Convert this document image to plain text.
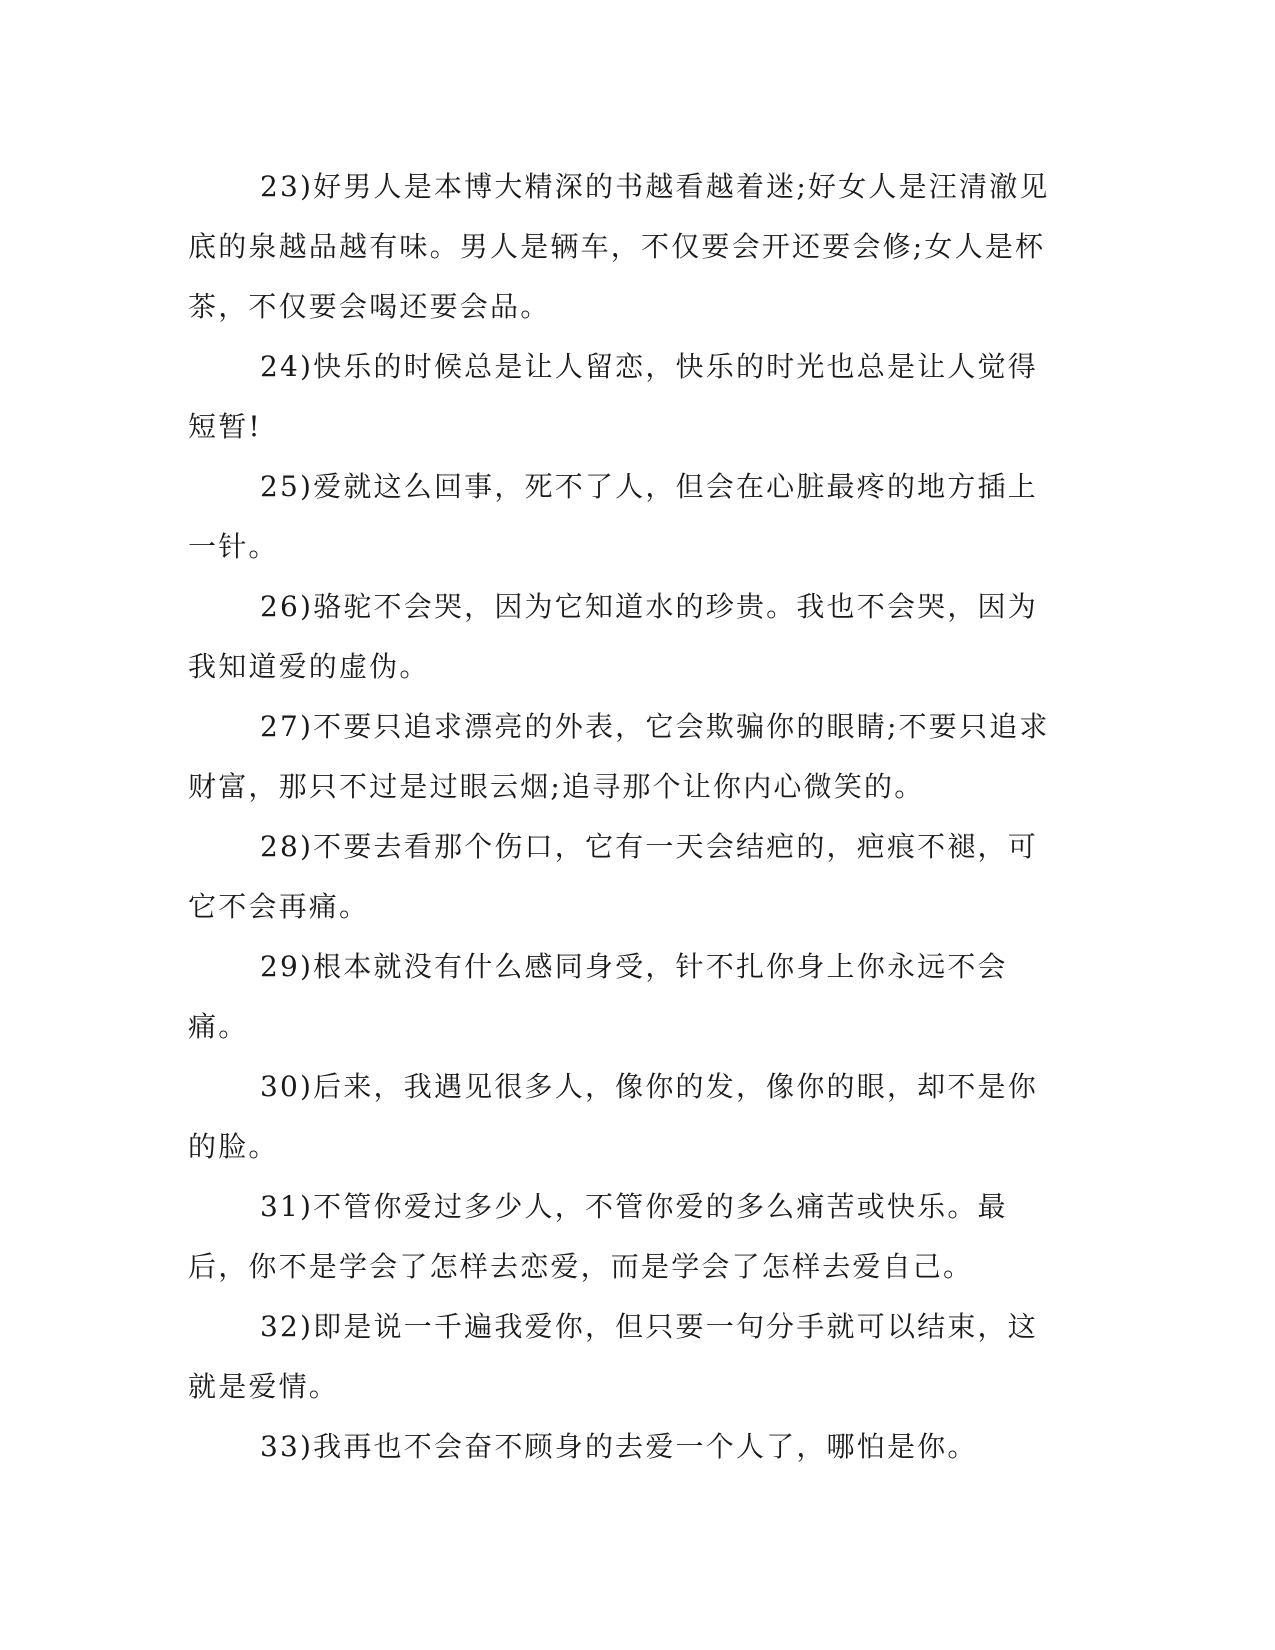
23)好男人是本博大精深的书越看越着迷;好女人是汪清澈见底的泉越品越有味。男人是辆车，不仅要会开还要会修;女人是杯茶，不仅要会喝还要会品。

24)快乐的时候总是让人留恋，快乐的时光也总是让人觉得短暂!

25)爱就这么回事，死不了人，但会在心脏最疼的地方插上一针。

26)骆驼不会哭，因为它知道水的珍贵。我也不会哭，因为我知道爱的虚伪。

27)不要只追求漂亮的外表，它会欺骗你的眼睛;不要只追求财富，那只不过是过眼云烟;追寻那个让你内心微笑的。

28)不要去看那个伤口，它有一天会结疤的，疤痕不褪，可它不会再痛。

29)根本就没有什么感同身受，针不扎你身上你永远不会痛。

30)后来，我遇见很多人，像你的发，像你的眼，却不是你的脸。

31)不管你爱过多少人，不管你爱的多么痛苦或快乐。最后，你不是学会了怎样去恋爱，而是学会了怎样去爱自己。

32)即是说一千遍我爱你，但只要一句分手就可以结束，这就是爱情。

33)我再也不会奋不顾身的去爱一个人了，哪怕是你。
